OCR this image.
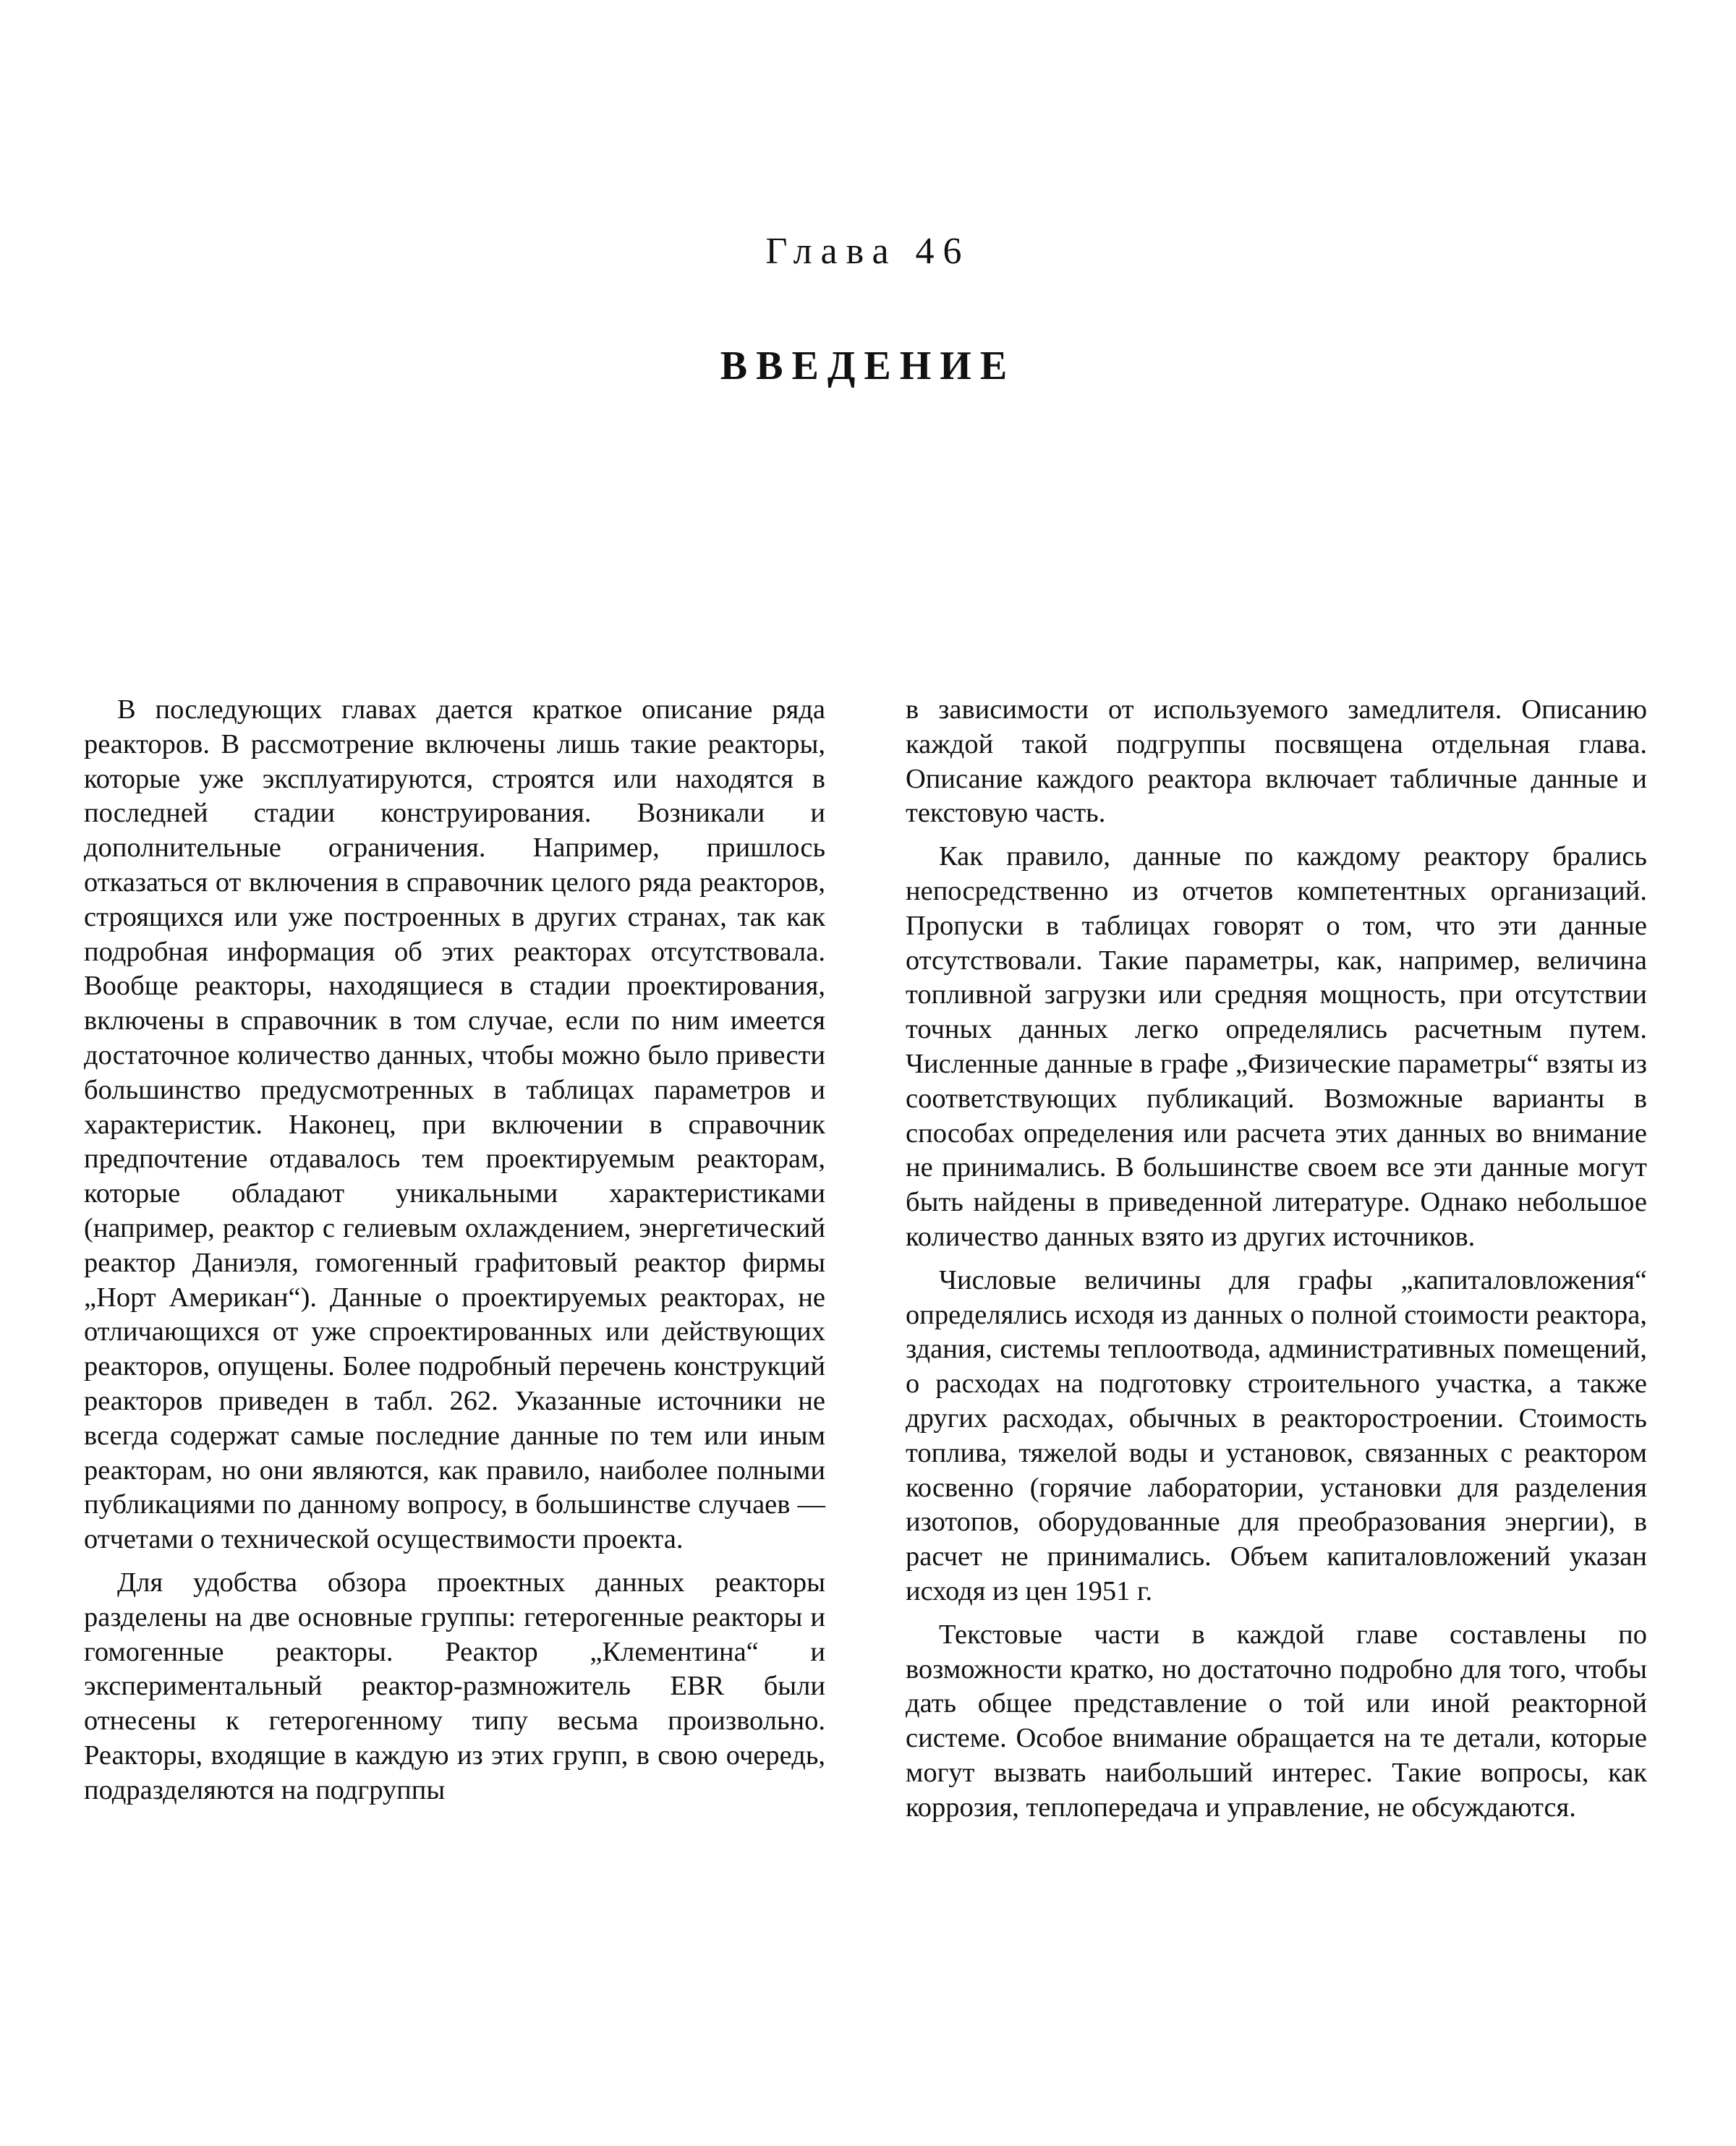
Глава 46
ВВЕДЕНИЕ

В последующих главах дается краткое описание ряда реакторов. В рассмотрение включены лишь такие реакторы, которые уже эксплуатируются, строятся или находятся в последней стадии конструирования. Возникали и дополнительные ограничения. Например, пришлось отказаться от включения в справочник целого ряда реакторов, строящихся или уже построенных в других странах, так как подробная информация об этих реакторах отсутствовала. Вообще реакторы, находящиеся в стадии проектирования, включены в справочник в том случае, если по ним имеется достаточное количество данных, чтобы можно было привести большинство предусмотренных в таблицах параметров и характеристик. Наконец, при включении в справочник предпочтение отдавалось тем проектируемым реакторам, которые обладают уникальными характеристиками (например, реактор с гелиевым охлаждением, энергетический реактор Даниэля, гомогенный графитовый реактор фирмы „Норт Американ“). Данные о проектируемых реакторах, не отличающихся от уже спроектированных или действующих реакторов, опущены. Более подробный перечень конструкций реакторов приведен в табл. 262. Указанные источники не всегда содержат самые последние данные по тем или иным реакторам, но они являются, как правило, наиболее полными публикациями по данному вопросу, в большинстве случаев — отчетами о технической осуществимости проекта.

Для удобства обзора проектных данных реакторы разделены на две основные группы: гетерогенные реакторы и гомогенные реакторы. Реактор „Клементина“ и экспериментальный реактор-размножитель EBR были отнесены к гетерогенному типу весьма произвольно. Реакторы, входящие в каждую из этих групп, в свою очередь, подразделяются на подгруппы

в зависимости от используемого замедлителя. Описанию каждой такой подгруппы посвящена отдельная глава. Описание каждого реактора включает табличные данные и текстовую часть.

Как правило, данные по каждому реактору брались непосредственно из отчетов компетентных организаций. Пропуски в таблицах говорят о том, что эти данные отсутствовали. Такие параметры, как, например, величина топливной загрузки или средняя мощность, при отсутствии точных данных легко определялись расчетным путем. Численные данные в графе „Физические параметры“ взяты из соответствующих публикаций. Возможные варианты в способах определения или расчета этих данных во внимание не принимались. В большинстве своем все эти данные могут быть найдены в приведенной литературе. Однако небольшое количество данных взято из других источников.

Числовые величины для графы „капиталовложения“ определялись исходя из данных о полной стоимости реактора, здания, системы теплоотвода, административных помещений, о расходах на подготовку строительного участка, а также других расходах, обычных в реакторостроении. Стоимость топлива, тяжелой воды и установок, связанных с реактором косвенно (горячие лаборатории, установки для разделения изотопов, оборудованные для преобразования энергии), в расчет не принимались. Объем капиталовложений указан исходя из цен 1951 г.

Текстовые части в каждой главе составлены по возможности кратко, но достаточно подробно для того, чтобы дать общее представление о той или иной реакторной системе. Особое внимание обращается на те детали, которые могут вызвать наибольший интерес. Такие вопросы, как коррозия, теплопередача и управление, не обсуждаются.
